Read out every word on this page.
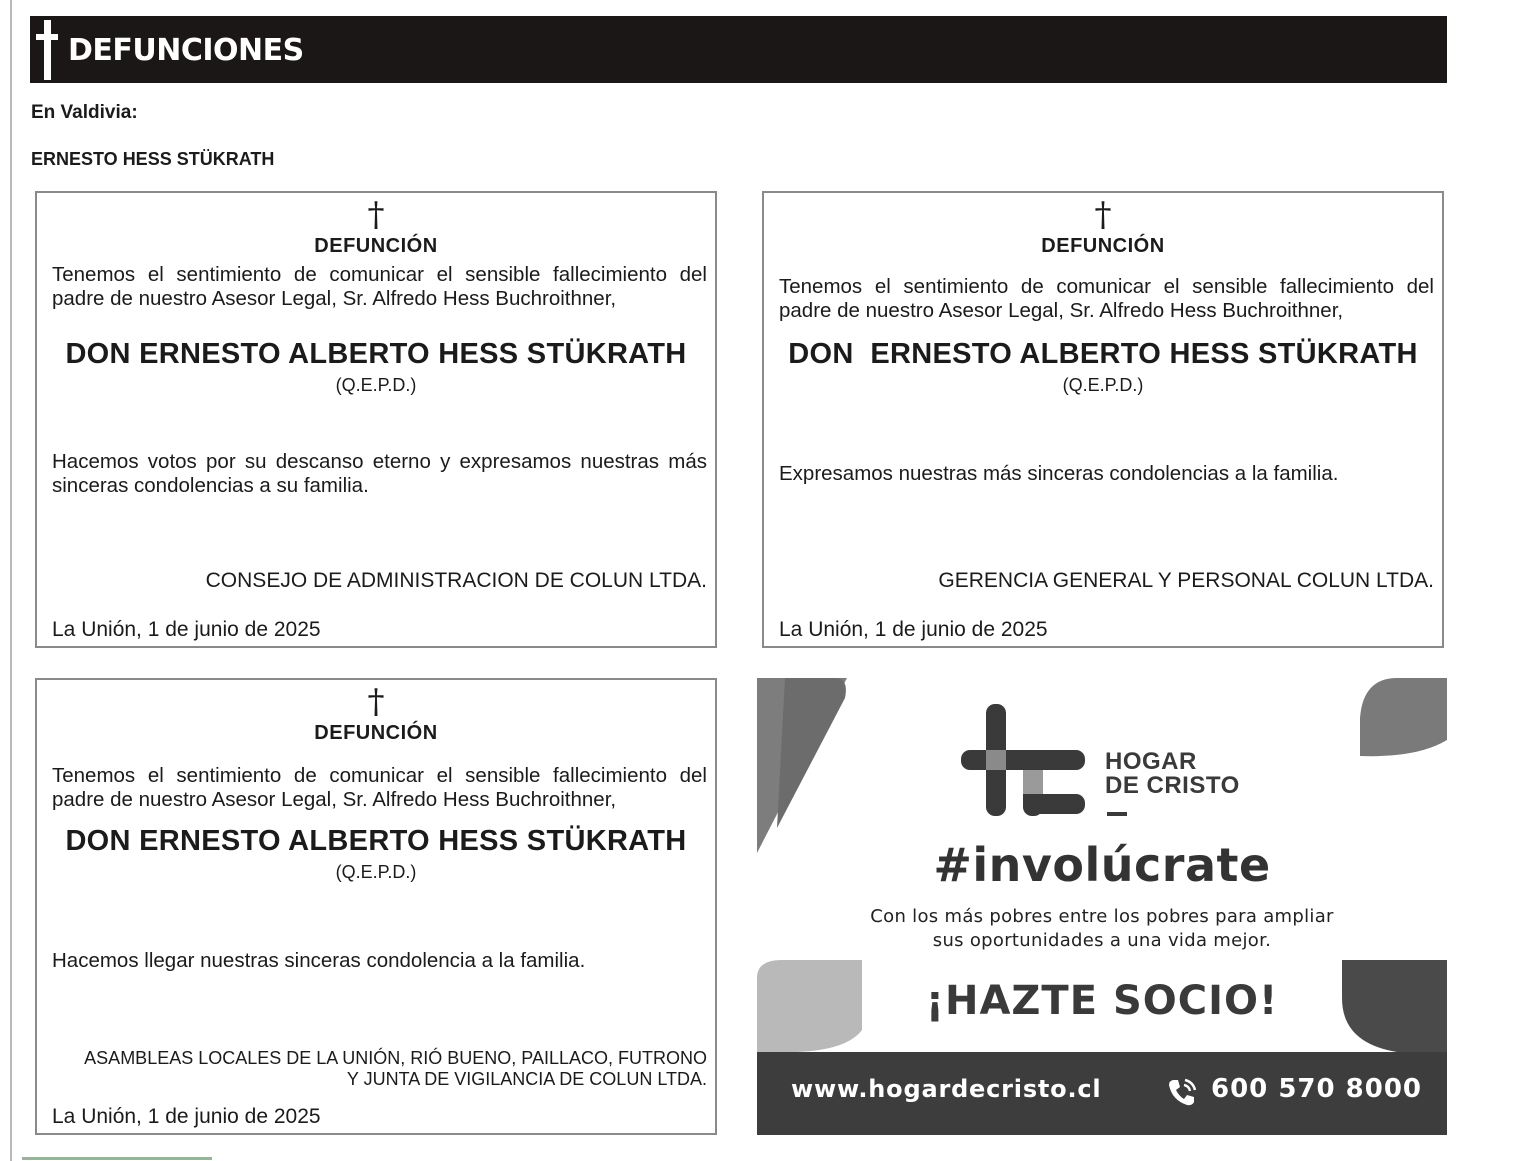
DEFUNCIONES
En Valdivia:
ERNESTO HESS STÜKRATH
†
DEFUNCIÓN
Tenemos el sentimiento de comunicar el sensible fallecimiento del
padre de nuestro Asesor Legal, Sr. Alfredo Hess Buchroithner,
DON ERNESTO ALBERTO HESS STÜKRATH
(Q.E.P.D.)
Hacemos votos por su descanso eterno y expresamos nuestras más sinceras condolencias a su familia.
CONSEJO DE ADMINISTRACION DE COLUN LTDA.
La Unión, 1 de junio de 2025
†
DEFUNCIÓN
Tenemos el sentimiento de comunicar el sensible fallecimiento del
padre de nuestro Asesor Legal, Sr. Alfredo Hess Buchroithner,
DON  ERNESTO ALBERTO HESS STÜKRATH
(Q.E.P.D.)
Expresamos nuestras más sinceras condolencias a la familia.
GERENCIA GENERAL Y PERSONAL COLUN LTDA.
La Unión, 1 de junio de 2025
†
DEFUNCIÓN
Tenemos el sentimiento de comunicar el sensible fallecimiento del
padre de nuestro Asesor Legal, Sr. Alfredo Hess Buchroithner,
DON ERNESTO ALBERTO HESS STÜKRATH
(Q.E.P.D.)
Hacemos llegar nuestras sinceras condolencia a la familia.
ASAMBLEAS LOCALES DE LA UNIÓN, RIÓ BUENO, PAILLACO, FUTRONO
Y JUNTA DE VIGILANCIA DE COLUN LTDA.
La Unión, 1 de junio de 2025
HOGAR
DE CRISTO
#involúcrate
Con los más pobres entre los pobres para ampliar
sus oportunidades a una vida mejor.
¡HAZTE SOCIO!
www.hogardecristo.cl	600 570 8000
